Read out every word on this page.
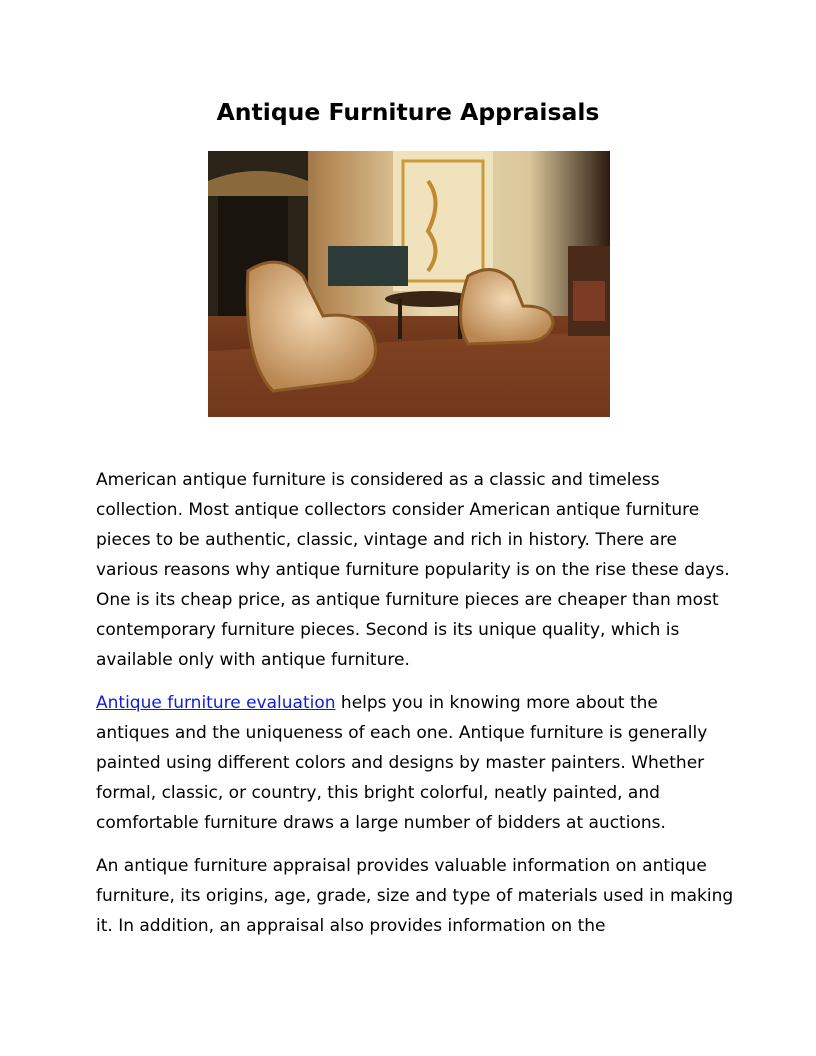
Antique Furniture Appraisals

American antique furniture is considered as a classic and timeless collection. Most antique collectors consider American antique furniture pieces to be authentic, classic, vintage and rich in history. There are various reasons why antique furniture popularity is on the rise these days. One is its cheap price, as antique furniture pieces are cheaper than most contemporary furniture pieces. Second is its unique quality, which is available only with antique furniture.

Antique furniture evaluation helps you in knowing more about the antiques and the uniqueness of each one. Antique furniture is generally painted using different colors and designs by master painters. Whether formal, classic, or country, this bright colorful, neatly painted, and comfortable furniture draws a large number of bidders at auctions.

An antique furniture appraisal provides valuable information on antique furniture, its origins, age, grade, size and type of materials used in making it. In addition, an appraisal also provides information on the
